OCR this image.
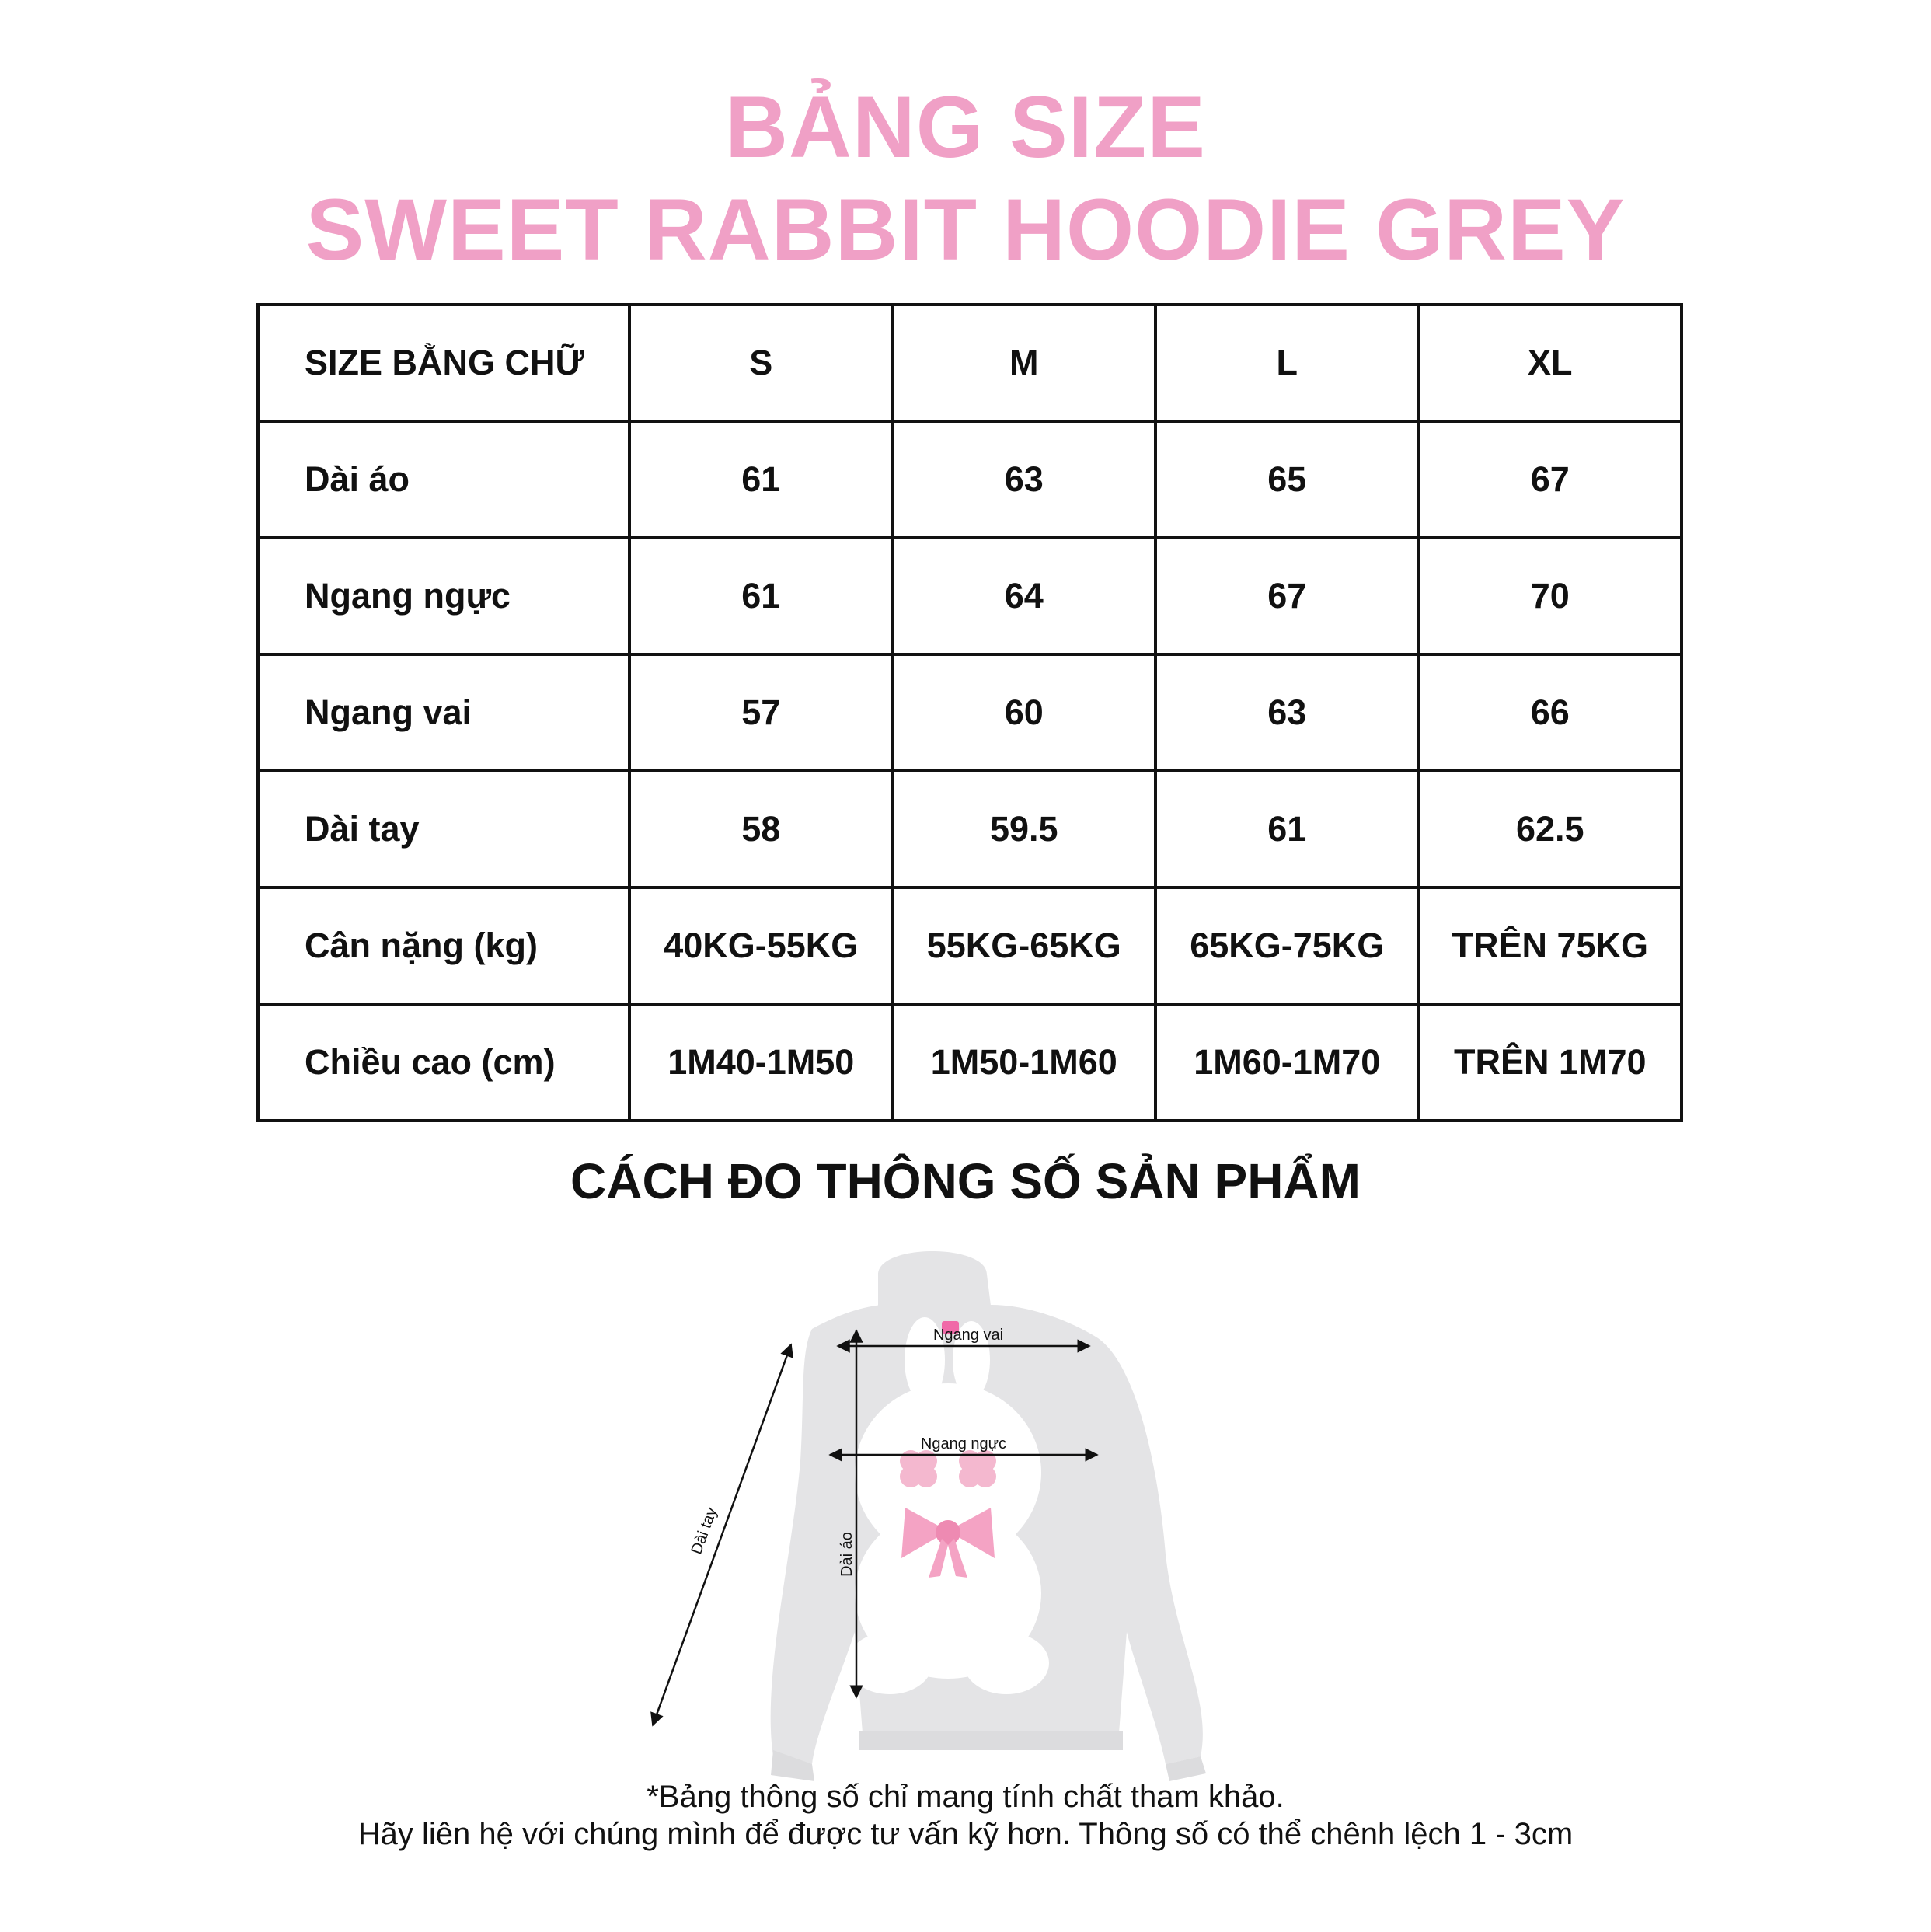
BẢNG SIZE
SWEET RABBIT HOODIE GREY
SIZE BẰNG CHỮ	S	M	L	XL
Dài áo	61	63	65	67
Ngang ngực	61	64	67	70
Ngang vai	57	60	63	66
Dài tay	58	59.5	61	62.5
Cân nặng (kg)	40KG-55KG	55KG-65KG	65KG-75KG	TRÊN 75KG
Chiều cao (cm)	1M40-1M50	1M50-1M60	1M60-1M70	TRÊN 1M70
CÁCH ĐO THÔNG SỐ SẢN PHẨM
Ngang vai
Ngang ngực
Dài áo
Dài tay
*Bảng thông số chỉ mang tính chất tham khảo.
Hãy liên hệ với chúng mình để được tư vấn kỹ hơn. Thông số có thể chênh lệch 1 - 3cm
